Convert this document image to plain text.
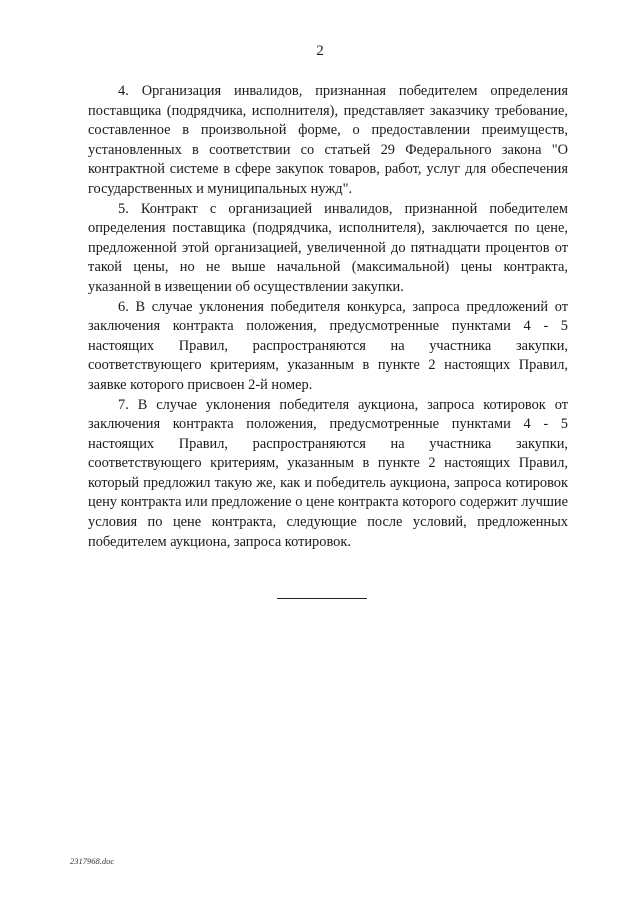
2

4. Организация инвалидов, признанная победителем определения поставщика (подрядчика, исполнителя), представляет заказчику требование, составленное в произвольной форме, о предоставлении преимуществ, установленных в соответствии со статьей 29 Федерального закона "О контрактной системе в сфере закупок товаров, работ, услуг для обеспечения государственных и муниципальных нужд".

5. Контракт с организацией инвалидов, признанной победителем определения поставщика (подрядчика, исполнителя), заключается по цене, предложенной этой организацией, увеличенной до пятнадцати процентов от такой цены, но не выше начальной (максимальной) цены контракта, указанной в извещении об осуществлении закупки.

6. В случае уклонения победителя конкурса, запроса предложений от заключения контракта положения, предусмотренные пунктами 4 - 5 настоящих Правил, распространяются на участника закупки, соответствующего критериям, указанным в пункте 2 настоящих Правил, заявке которого присвоен 2-й номер.

7. В случае уклонения победителя аукциона, запроса котировок от заключения контракта положения, предусмотренные пунктами 4 - 5 настоящих Правил, распространяются на участника закупки, соответствующего критериям, указанным в пункте 2 настоящих Правил, который предложил такую же, как и победитель аукциона, запроса котировок цену контракта или предложение о цене контракта которого содержит лучшие условия по цене контракта, следующие после условий, предложенных победителем аукциона, запроса котировок.

2317968.doc
